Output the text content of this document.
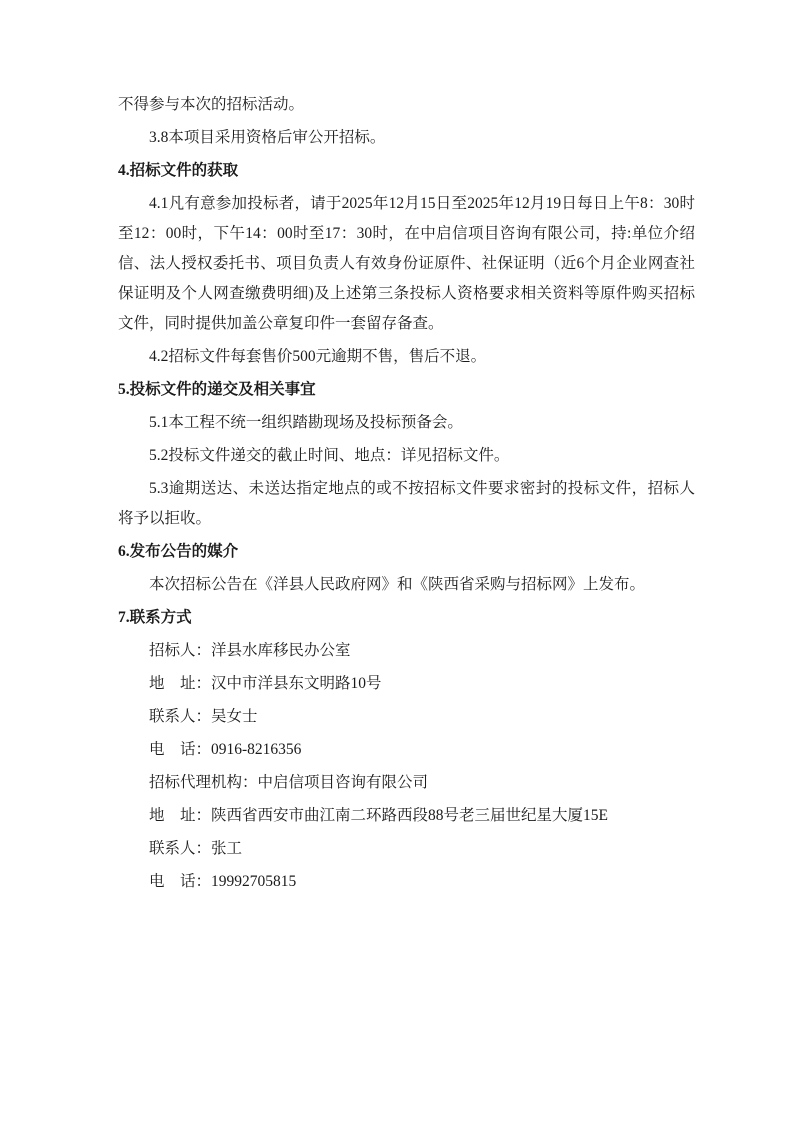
不得参与本次的招标活动。

3.8本项目采用资格后审公开招标。

4.招标文件的获取

4.1凡有意参加投标者，请于2025年12月15日至2025年12月19日每日上午8：30时至12：00时，下午14：00时至17：30时，在中启信项目咨询有限公司，持:单位介绍信、法人授权委托书、项目负责人有效身份证原件、社保证明（近6个月企业网查社保证明及个人网查缴费明细)及上述第三条投标人资格要求相关资料等原件购买招标文件，同时提供加盖公章复印件一套留存备查。

4.2招标文件每套售价500元逾期不售，售后不退。

5.投标文件的递交及相关事宜

5.1本工程不统一组织踏勘现场及投标预备会。

5.2投标文件递交的截止时间、地点：详见招标文件。

5.3逾期送达、未送达指定地点的或不按招标文件要求密封的投标文件，招标人将予以拒收。

6.发布公告的媒介

本次招标公告在《洋县人民政府网》和《陕西省采购与招标网》上发布。

7.联系方式

招标人：洋县水库移民办公室

地　址：汉中市洋县东文明路10号

联系人：吴女士

电　话：0916-8216356

招标代理机构：中启信项目咨询有限公司

地　址：陕西省西安市曲江南二环路西段88号老三届世纪星大厦15E

联系人：张工

电　话：19992705815
